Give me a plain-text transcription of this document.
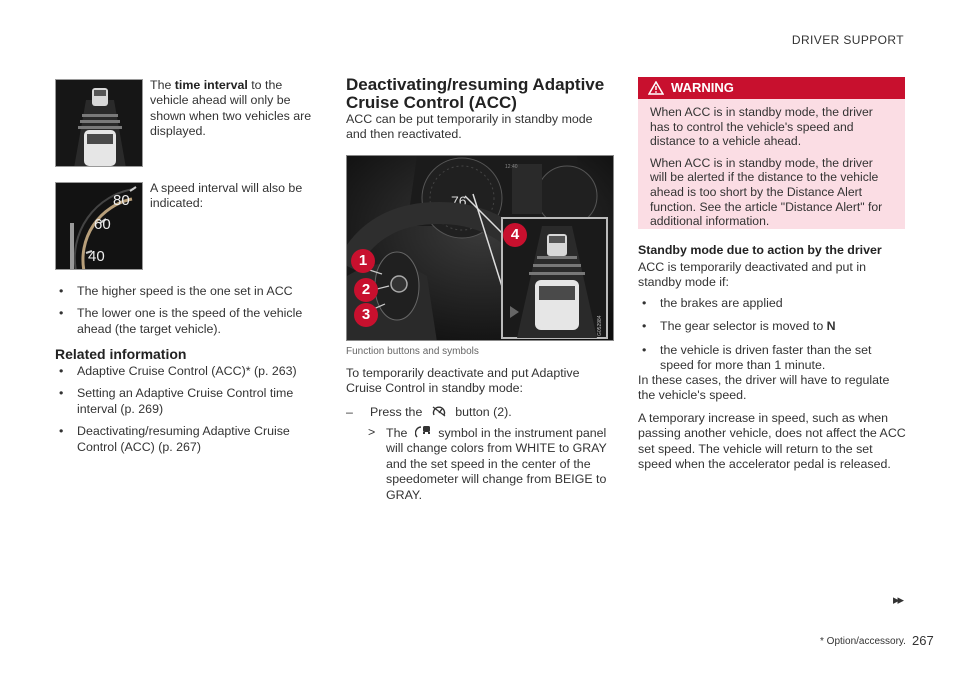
DRIVER SUPPORT
The time interval to the vehicle ahead will only be shown when two vehicles are displayed.
80
60
40
A speed interval will also be indicated:
• The higher speed is the one set in ACC
• The lower one is the speed of the vehicle ahead (the target vehicle).
Related information
• Adaptive Cruise Control (ACC)* (p. 263)
• Setting an Adaptive Cruise Control time interval (p. 269)
• Deactivating/resuming Adaptive Cruise Control (ACC) (p. 267)
Deactivating/resuming Adaptive
Cruise Control (ACC)
ACC can be put temporarily in standby mode and then reactivated.
76
12:40
G052984
1
2
3
4
Function buttons and symbols
To temporarily deactivate and put Adaptive Cruise Control in standby mode:
– Press the	button (2).
> The symbol in the instrument panel will change colors from WHITE to GRAY and the set speed in the center of the speedometer will change from BEIGE to GRAY.
WARNING

When ACC is in standby mode, the driver has to control the vehicle's speed and distance to a vehicle ahead.

When ACC is in standby mode, the driver will be alerted if the distance to the vehicle ahead is too short by the Distance Alert function. See the article "Distance Alert" for additional information.

Standby mode due to action by the driver
ACC is temporarily deactivated and put in standby mode if:
• the brakes are applied
• The gear selector is moved to N
• the vehicle is driven faster than the set speed for more than 1 minute.
In these cases, the driver will have to regulate the vehicle's speed.
A temporary increase in speed, such as when passing another vehicle, does not affect the ACC set speed. The vehicle will return to the set speed when the accelerator pedal is released.
▸▸
* Option/accessory. 267
